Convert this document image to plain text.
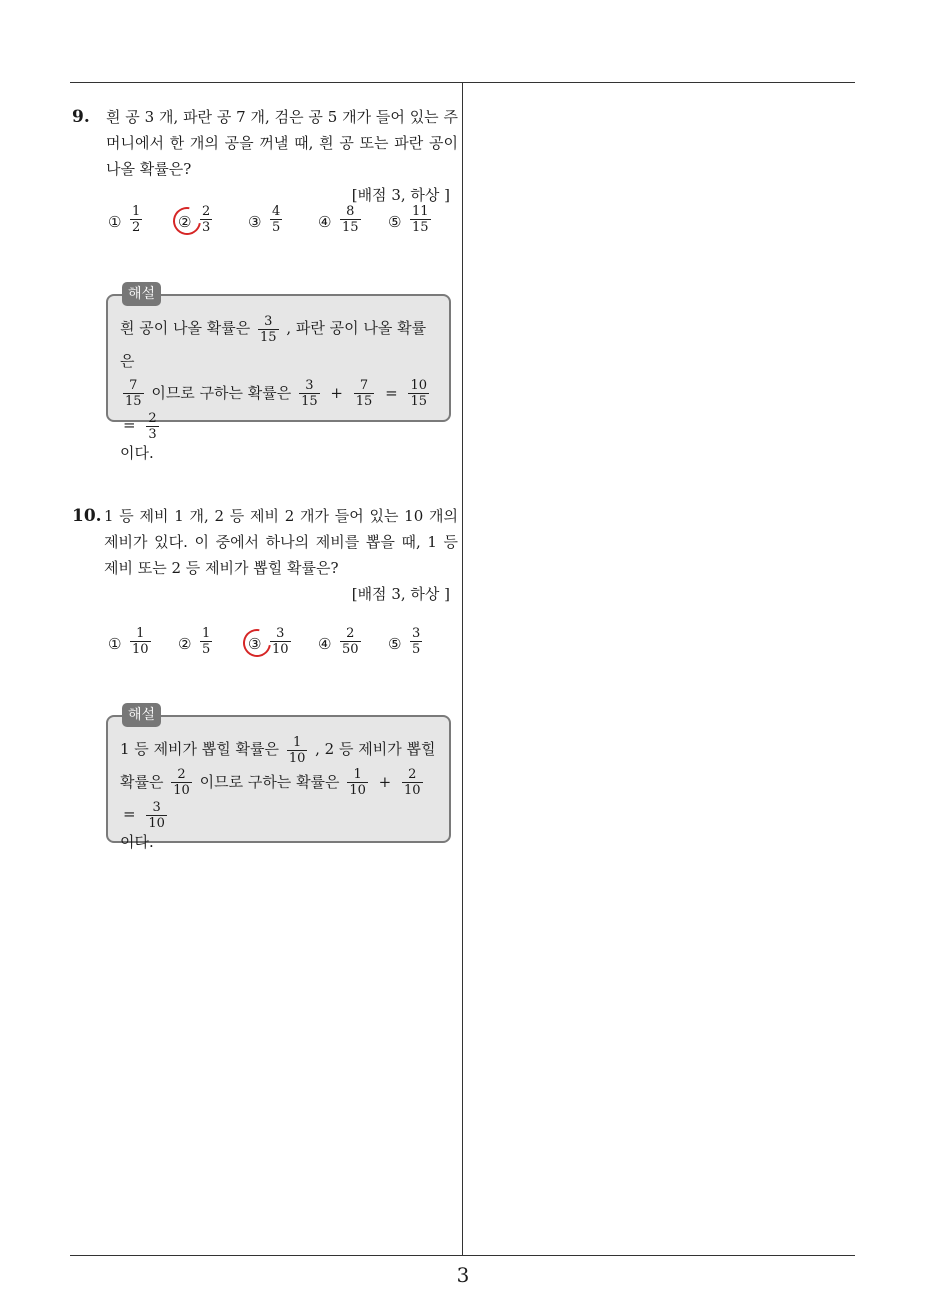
9. 흰 공 3 개, 파란 공 7 개, 검은 공 5 개가 들어 있는 주머니에서 한 개의 공을 꺼낼 때, 흰 공 또는 파란 공이 나올 확률은?
[배점 3, 하상 ]
① $\frac{1}{2}$ ② $\frac{2}{3}$ ③ $\frac{4}{5}$ ④ $\frac{8}{15}$ ⑤ $\frac{11}{15}$
해설
흰 공이 나올 확률은 $\frac{3}{15}$ , 파란 공이 나올 확률은
$\frac{7}{15}$ 이므로 구하는 확률은 $\frac{3}{15} + \frac{7}{15} = \frac{10}{15}$
= $\frac{2}{3}$
이다.
10. 1 등 제비 1 개, 2 등 제비 2 개가 들어 있는 10 개의 제비가 있다. 이 중에서 하나의 제비를 뽑을 때, 1 등 제비 또는 2 등 제비가 뽑힐 확률은?
[배점 3, 하상 ]
① $\frac{1}{10}$ ② $\frac{1}{5}$ ③ $\frac{3}{10}$ ④ $\frac{2}{50}$ ⑤ $\frac{3}{5}$
해설
1 등 제비가 뽑힐 확률은 $\frac{1}{10}$ , 2 등 제비가 뽑힐
확률은 $\frac{2}{10}$ 이므로 구하는 확률은 $\frac{1}{10} + \frac{2}{10}$
= $\frac{3}{10}$
이다.
3
